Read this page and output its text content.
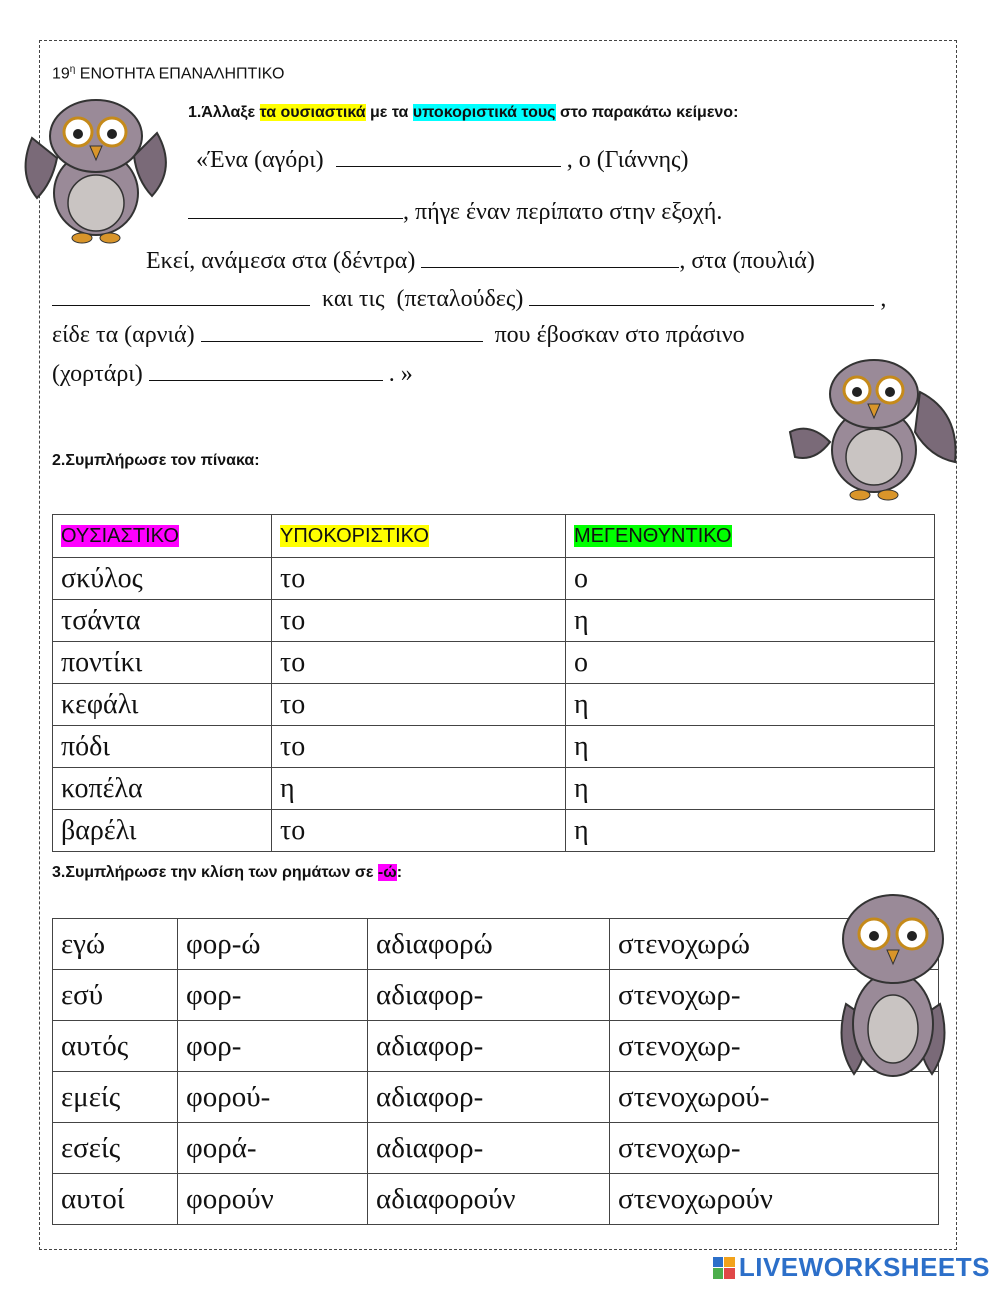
$19^\eta$ ΕΝΟΤΗΤΑ ΕΠΑΝΑΛΗΠΤΙΚΟ
1.Άλλαξε τα ουσιαστικά με τα υποκοριστικά τους στο παρακάτω κείμενο:
«Ένα (αγόρι)	, ο (Γιάννης)
, πήγε έναν περίπατο στην εξοχή.
Εκεί, ανάμεσα στα (δέντρα)	, στα (πουλιά)
και τις  (πεταλούδες)	,
είδε τα (αρνιά)	που έβοσκαν στο πράσινο
(χορτάρι)	. »
2.Συμπλήρωσε τον πίνακα:
ΟΥΣΙΑΣΤΙΚΟ	ΥΠΟΚΟΡΙΣΤΙΚΟ	ΜΕΓΕΝΘΥΝΤΙΚΟ
σκύλος	το	ο
τσάντα	το	η
ποντίκι	το	ο
κεφάλι	το	η
πόδι	το	η
κοπέλα	η	η
βαρέλι	το	η
3.Συμπλήρωσε την κλίση των ρημάτων σε -ώ:
εγώ	φορ-ώ	αδιαφορώ	στενοχωρώ
εσύ	φορ-	αδιαφορ-	στενοχωρ-
αυτός	φορ-	αδιαφορ-	στενοχωρ-
εμείς	φορού-	αδιαφορ-	στενοχωρού-
εσείς	φορά-	αδιαφορ-	στενοχωρ-
αυτοί	φορούν	αδιαφορούν	στενοχωρούν
LIVEWORKSHEETS
